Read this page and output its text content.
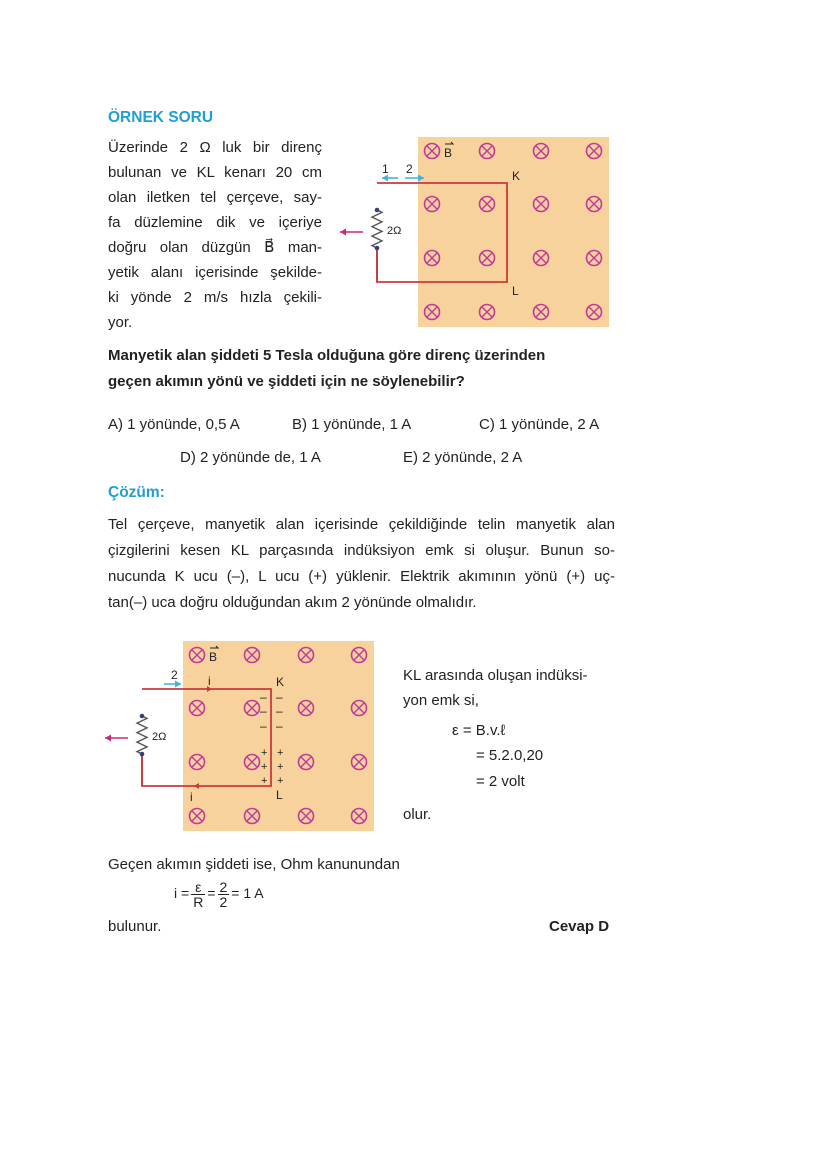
ÖRNEK SORU
Üzerinde 2 Ω luk bir direnç
bulunan ve KL kenarı 20 cm
olan iletken tel çerçeve, say-
fa düzlemine dik ve içeriye
doğru olan düzgün B⃗ man-
yetik alanı içerisinde şekilde-
ki yönde 2 m/s hızla çekili-
yor.
B
2Ω
K
L
1 2
B
2Ω
K
L
2	i
i
– –
– –
– –
+ +
+ +
+ +
Manyetik alan şiddeti 5 Tesla olduğuna göre direnç üzerinden
geçen akımın yönü ve şiddeti için ne söylenebilir?
A) 1 yönünde, 0,5 A	B) 1 yönünde, 1 A	C) 1 yönünde, 2 A
D) 2 yönünde de, 1 A	E) 2 yönünde, 2 A
Çözüm:
Tel çerçeve, manyetik alan içerisinde çekildiğinde telin manyetik alan
çizgilerini kesen KL parçasında indüksiyon emk si oluşur. Bunun so-
nucunda K ucu (–), L ucu (+) yüklenir. Elektrik akımının yönü (+) uç-
tan(–) uca doğru olduğundan akım 2 yönünde olmalıdır.
KL arasında oluşan indüksi-
yon emk si,
ε = B.v.ℓ
= 5.2.0,20
= 2 volt
olur.
Geçen akımın şiddeti ise, Ohm kanunundan
$i = \frac{\varepsilon}{R} = \frac{2}{2} = 1$ A
bulunur.	Cevap D
